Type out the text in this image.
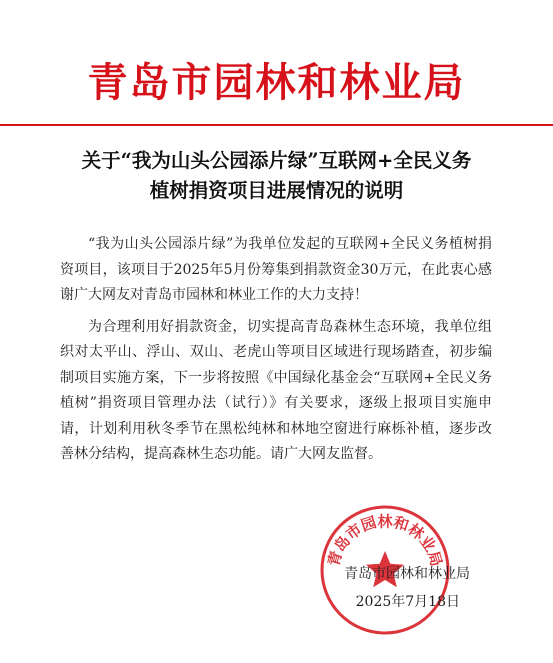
青岛市园林和林业局
关于“我为山头公园添片绿”互联网+全民义务
植树捐资项目进展情况的说明

“我为山头公园添片绿”为我单位发起的互联网+全民义务植树捐资项目，该项目于2025年5月份筹集到捐款资金30万元，在此衷心感谢广大网友对青岛市园林和林业工作的大力支持！

为合理利用好捐款资金，切实提高青岛森林生态环境，我单位组织对太平山、浮山、双山、老虎山等项目区域进行现场踏查，初步编制项目实施方案，下一步将按照《中国绿化基金会“互联网+全民义务植树”捐资项目管理办法（试行）》有关要求，逐级上报项目实施申请，计划利用秋冬季节在黑松纯林和林地空窗进行麻栎补植，逐步改善林分结构，提高森林生态功能。请广大网友监督。

青岛市园林和林业局
青岛市园林和林业局
2025年7月18日
